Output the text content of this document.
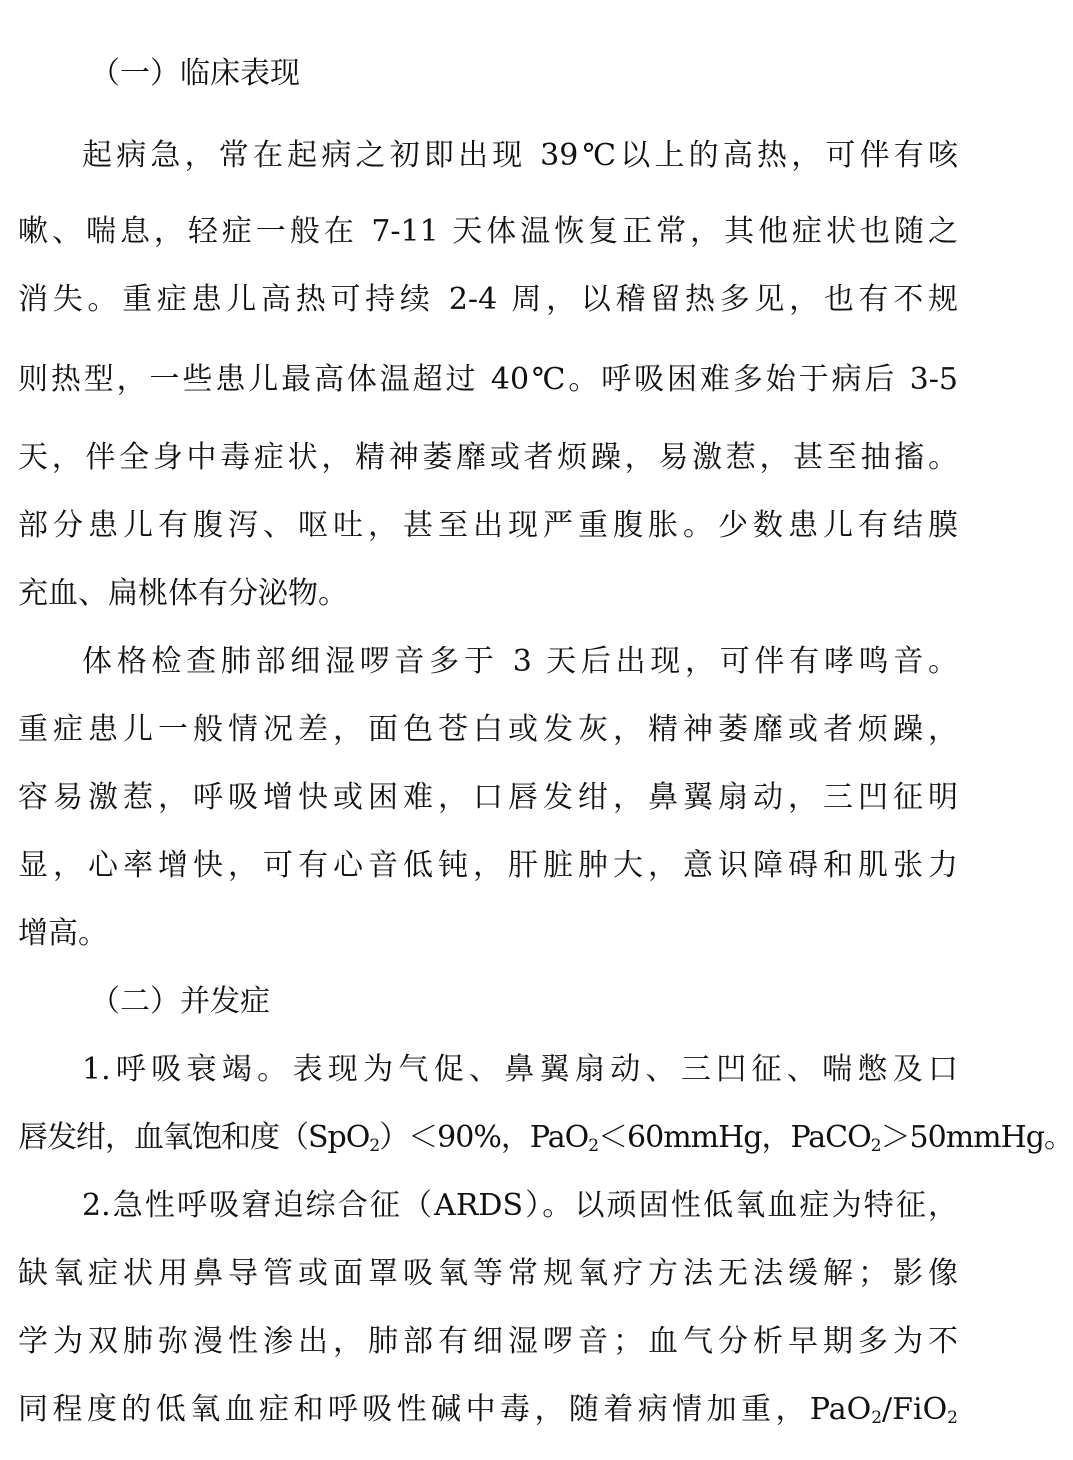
（一）临床表现
起病急，常在起病之初即出现 39℃以上的高热，可伴有咳
嗽、喘息，轻症一般在 7-11 天体温恢复正常，其他症状也随之
消失。重症患儿高热可持续 2-4 周，以稽留热多见，也有不规
则热型，一些患儿最高体温超过 40℃。呼吸困难多始于病后 3-5
天，伴全身中毒症状，精神萎靡或者烦躁，易激惹，甚至抽搐。
部分患儿有腹泻、呕吐，甚至出现严重腹胀。少数患儿有结膜
充血、扁桃体有分泌物。
体格检查肺部细湿啰音多于 3 天后出现，可伴有哮鸣音。
重症患儿一般情况差，面色苍白或发灰，精神萎靡或者烦躁，
容易激惹，呼吸增快或困难，口唇发绀，鼻翼扇动，三凹征明
显，心率增快，可有心音低钝，肝脏肿大，意识障碍和肌张力
增高。
（二）并发症
1.呼吸衰竭。表现为气促、鼻翼扇动、三凹征、喘憋及口
唇发绀，血氧饱和度（SpO$_2$）＜90%，PaO$_2$＜60mmHg，PaCO$_2$＞50mmHg。
2.急性呼吸窘迫综合征（ARDS）。以顽固性低氧血症为特征，
缺氧症状用鼻导管或面罩吸氧等常规氧疗方法无法缓解；影像
学为双肺弥漫性渗出，肺部有细湿啰音；血气分析早期多为不
同程度的低氧血症和呼吸性碱中毒，随着病情加重，PaO$_2$/FiO$_2$
